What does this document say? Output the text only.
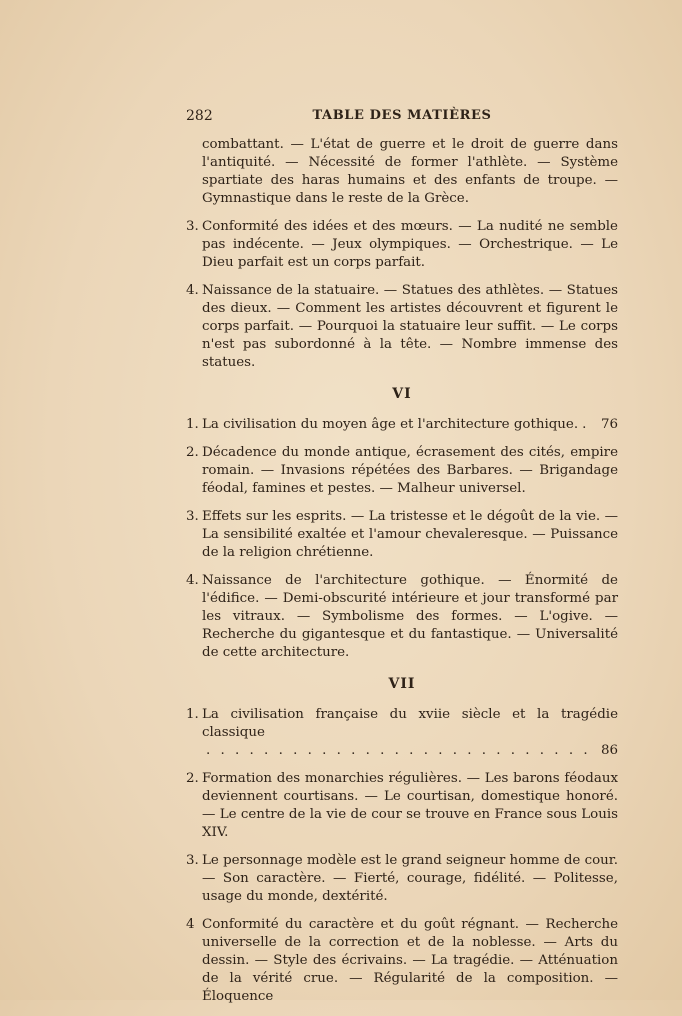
282	TABLE DES MATIÈRES

combattant. — L'état de guerre et le droit de guerre dans l'antiquité. — Nécessité de former l'athlète. — Système spartiate des haras humains et des enfants de troupe. — Gymnastique dans le reste de la Grèce.

3. Conformité des idées et des mœurs. — La nudité ne semble pas indécente. — Jeux olympiques. — Orchestrique. — Le Dieu parfait est un corps parfait.
4. Naissance de la statuaire. — Statues des athlètes. — Statues des dieux. — Comment les artistes découvrent et figurent le corps parfait. — Pourquoi la statuaire leur suffit. — Le corps n'est pas subordonné à la tête. — Nombre immense des statues.
VI
1. La civilisation du moyen âge et l'architecture gothique.
. . . 76
2. Décadence du monde antique, écrasement des cités, empire romain. — Invasions répétées des Barbares. — Brigandage féodal, famines et pestes. — Malheur universel.
3. Effets sur les esprits. — La tristesse et le dégoût de la vie. — La sensibilité exaltée et l'amour chevaleresque. — Puissance de la religion chrétienne.
4. Naissance de l'architecture gothique. — Énormité de l'édifice. — Demi-obscurité intérieure et jour transformé par les vitraux. — Symbolisme des formes. — L'ogive. — Recherche du gigantesque et du fantastique. — Universalité de cette architecture.
VII
1. La civilisation française du xviie siècle et la tragédie classique
. . .
86
2. Formation des monarchies régulières. — Les barons féodaux deviennent courtisans. — Le courtisan, domestique honoré. — Le centre de la vie de cour se trouve en France sous Louis XIV.
3. Le personnage modèle est le grand seigneur homme de cour. — Son caractère. — Fierté, courage, fidélité. — Politesse, usage du monde, dextérité.
4 Conformité du caractère et du goût régnant. — Recherche universelle de la correction et de la noblesse. — Arts du dessin. — Style des écrivains. — La tragédie. — Atténuation de la vérité crue. — Régularité de la composition. — Éloquence
